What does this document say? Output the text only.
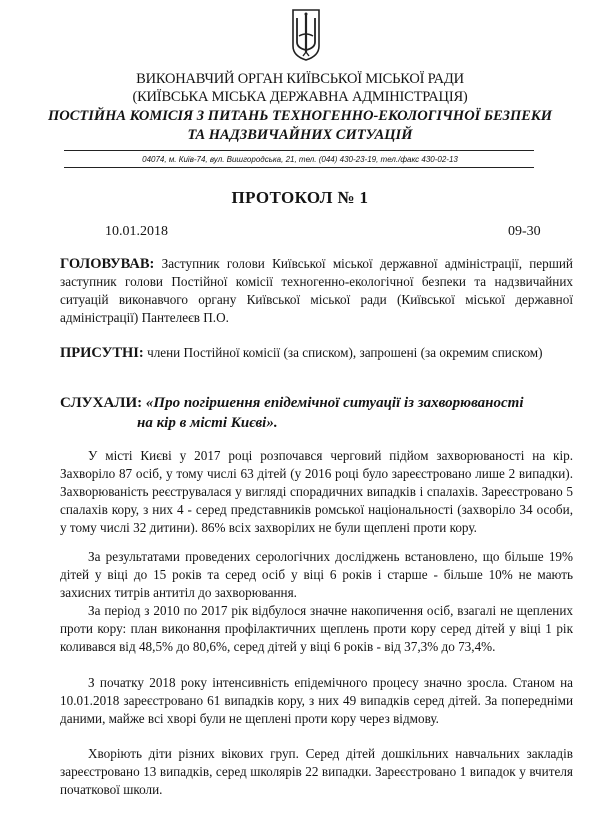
ВИКОНАВЧИЙ ОРГАН КИЇВСЬКОЇ МІСЬКОЇ РАДИ
(КИЇВСЬКА МІСЬКА ДЕРЖАВНА АДМІНІСТРАЦІЯ)
ПОСТІЙНА КОМІСІЯ З ПИТАНЬ ТЕХНОГЕННО-ЕКОЛОГІЧНОЇ БЕЗПЕКИ
ТА НАДЗВИЧАЙНИХ СИТУАЦІЙ
04074, м. Київ-74, вул. Вишгородська, 21, тел. (044) 430-23-19, тел./факс 430-02-13
ПРОТОКОЛ № 1
10.01.2018	09-30

ГОЛОВУВАВ: Заступник голови Київської міської державної адміністрації, перший заступник голови Постійної комісії техногенно-екологічної безпеки та надзвичайних ситуацій виконавчого органу Київської міської ради (Київської міської державної адміністрації) Пантелеєв П.О.

ПРИСУТНІ: члени Постійної комісії (за списком), запрошені (за окремим списком)

СЛУХАЛИ: «Про погіршення епідемічної ситуації із захворюваності
на кір в місті Києві».

У місті Києві у 2017 році розпочався черговий підйом захворюваності на кір. Захворіло 87 осіб, у тому числі 63 дітей (у 2016 році було зареєстровано лише 2 випадки). Захворюваність реєструвалася у вигляді спорадичних випадків і спалахів. Зареєстровано 5 спалахів кору, з них 4 - серед представників ромської національності (захворіло 34 особи, у тому числі 32 дитини). 86% всіх захворілих не були щеплені проти кору.

За результатами проведених серологічних досліджень встановлено, що більше 19% дітей у віці до 15 років та серед осіб у віці 6 років і старше - більше 10% не мають захисних титрів антитіл до захворювання.

За період з 2010 по 2017 рік відбулося значне накопичення осіб, взагалі не щеплених проти кору: план виконання профілактичних щеплень проти кору серед дітей у віці 1 рік коливався від 48,5% до 80,6%, серед дітей у віці 6 років - від 37,3% до 73,4%.

З початку 2018 року інтенсивність епідемічного процесу значно зросла. Станом на 10.01.2018 зареєстровано 61 випадків кору, з них 49 випадків серед дітей. За попередніми даними, майже всі хворі були не щеплені проти кору через відмову.

Хворіють діти різних вікових груп. Серед дітей дошкільних навчальних закладів зареєстровано 13 випадків, серед школярів 22 випадки. Зареєстровано 1 випадок у вчителя початкової школи.
